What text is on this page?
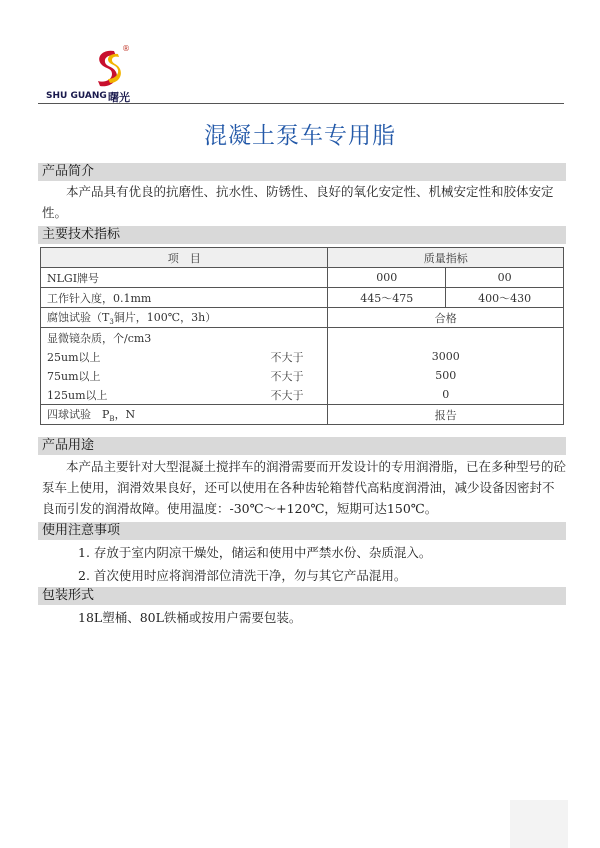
®
SHU GUANG 曙光
混凝土泵车专用脂
产品简介
本产品具有优良的抗磨性、抗水性、防锈性、良好的氧化安定性、机械安定性和胶体安定性。
主要技术指标
项　目	质量指标	
NLGI牌号	000	00
工作针入度，0.1mm	445～475	400～430
腐蚀试验（$T_3$铜片，100℃，3h）	合格	
显微镜杂质，个/cm3		
25um以上 不大于	3000	
75um以上 不大于	500	
125um以上 不大于	0	
四球试验　$P_B$，N	报告	
产品用途
本产品主要针对大型混凝土搅拌车的润滑需要而开发设计的专用润滑脂，已在多种型号的砼泵车上使用，润滑效果良好，还可以使用在各种齿轮箱替代高粘度润滑油，减少设备因密封不良而引发的润滑故障。使用温度：-30℃～+120℃，短期可达150℃。
使用注意事项
1. 存放于室内阴凉干燥处，储运和使用中严禁水份、杂质混入。
2. 首次使用时应将润滑部位清洗干净，勿与其它产品混用。
包装形式
18L塑桶、80L铁桶或按用户需要包装。
